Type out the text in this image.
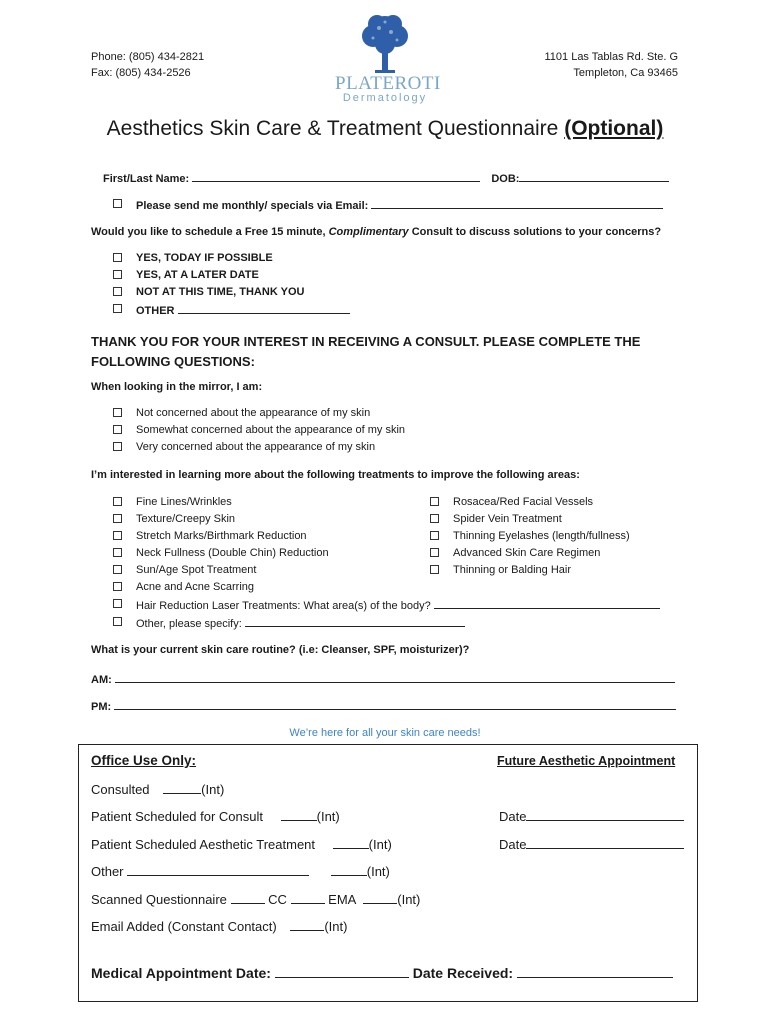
Phone: (805) 434-2821
Fax: (805) 434-2526	PLATEROTI
Dermatology
1101 Las Tablas Rd. Ste. G
Templeton, Ca 93465
Aesthetics Skin Care & Treatment Questionnaire (Optional)
First/Last Name:	DOB:
Please send me monthly/ specials via Email:
Would you like to schedule a Free 15 minute, Complimentary Consult to discuss solutions to your concerns?
YES, TODAY IF POSSIBLE
YES, AT A LATER DATE
NOT AT THIS TIME, THANK YOU
OTHER
THANK YOU FOR YOUR INTEREST IN RECEIVING A CONSULT. PLEASE COMPLETE THE FOLLOWING QUESTIONS:
When looking in the mirror, I am:
Not concerned about the appearance of my skin
Somewhat concerned about the appearance of my skin
Very concerned about the appearance of my skin
I’m interested in learning more about the following treatments to improve the following areas:
Fine Lines/Wrinkles
Texture/Creepy Skin
Stretch Marks/Birthmark Reduction
Neck Fullness (Double Chin) Reduction
Sun/Age Spot Treatment
Acne and Acne Scarring
Hair Reduction Laser Treatments: What area(s) of the body?
Other, please specify:
Rosacea/Red Facial Vessels
Spider Vein Treatment
Thinning Eyelashes (length/fullness)
Advanced Skin Care Regimen
Thinning or Balding Hair
What is your current skin care routine? (i.e: Cleanser, SPF, moisturizer)?
AM:
PM:
We’re here for all your skin care needs!
Office Use Only:	Future Aesthetic Appointment
Consulted	(Int)
Patient Scheduled for Consult	(Int)	Date
Patient Scheduled Aesthetic Treatment	(Int)	Date
Other	(Int)
Scanned Questionnaire	CC	EMA	(Int)
Email Added (Constant Contact)	(Int)
Medical Appointment Date:	Date Received:
